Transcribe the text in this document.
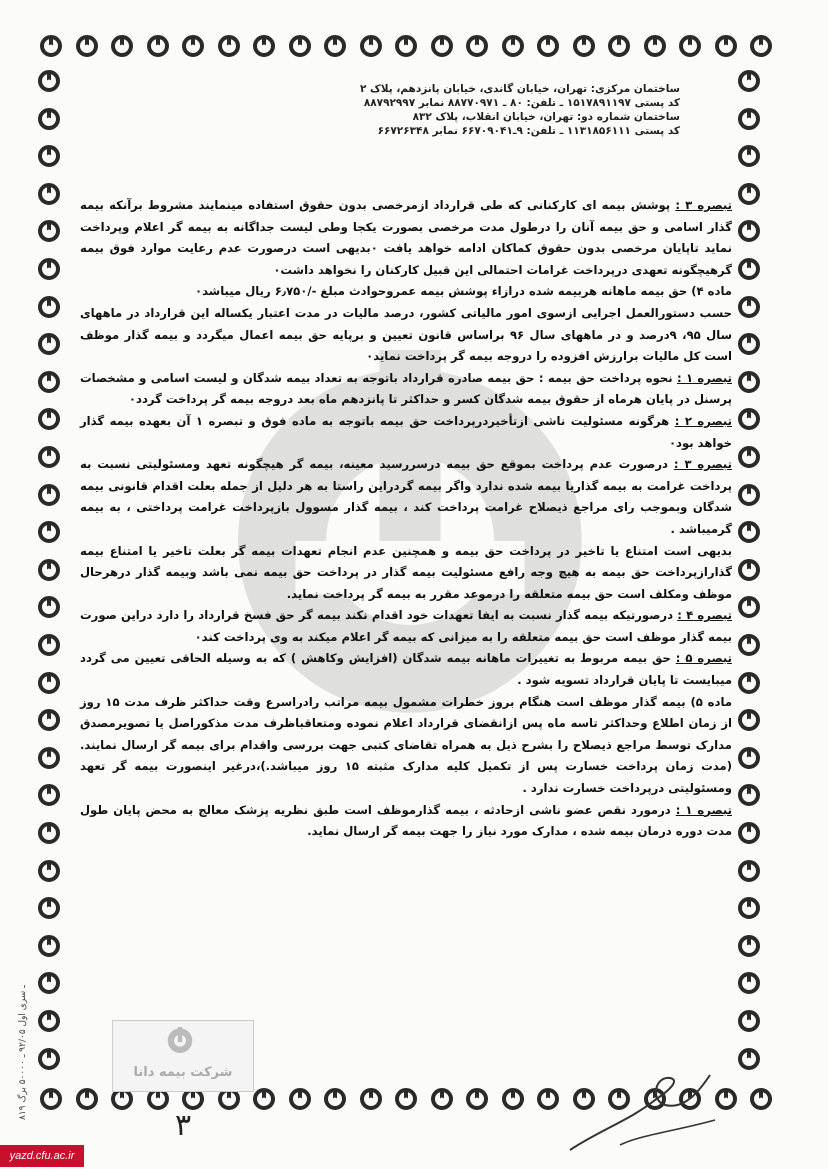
ساختمان مرکزی: تهران، خیابان گاندی، خیابان پانزدهم، پلاک ۲
کد پستی ۱۵۱۷۸۹۱۱۹۷ ـ تلفن: ۸۰ ـ ۸۸۷۷۰۹۷۱ نمابر ۸۸۷۹۲۹۹۷
ساختمان شماره دو: تهران، خیابان انقلاب، پلاک ۸۳۲
کد پستی ۱۱۳۱۸۵۶۱۱۱ ـ تلفن: ۹ـ۶۶۷۰۹۰۴۱ نمابر ۶۶۷۲۶۳۴۸

تبصره ۳ : پوشش بیمه ای کارکنانی که طی قرارداد ازمرخصی بدون حقوق استفاده مینمایند مشروط برآنکه بیمه گذار اسامی و حق بیمه آنان را درطول مدت مرخصی بصورت یکجا وطی لیست جداگانه به بیمه گر اعلام وپرداخت نماید تاپایان مرخصی بدون حقوق کماکان ادامه خواهد یافت ٠بدیهی است درصورت عدم رعایت موارد فوق بیمه گرهیچگونه تعهدی درپرداخت غرامات احتمالی این قبیل کارکنان را نخواهد داشت٠

ماده ۴) حق بیمه ماهانه هربیمه شده درازاء پوشش بیمه عمروحوادث مبلغ -/۶٫۷۵۰ ریال میباشد٠

حسب دستورالعمل اجرایی ازسوی امور مالیاتی کشور، درصد مالیات در مدت اعتبار یکساله این قرارداد در ماههای سال ۹۵، ۹درصد و در ماههای سال ۹۶ براساس قانون تعیین و برپایه حق بیمه اعمال میگردد و بیمه گذار موظف است کل مالیات برارزش افزوده را دروجه بیمه گر پرداخت نماید٠

تبصره ۱ : نحوه پرداخت حق بیمه : حق بیمه صادره قرارداد باتوجه به تعداد بیمه شدگان و لیست اسامی و مشخصات پرسنل در پایان هرماه از حقوق بیمه شدگان کسر و حداکثر تا پانزدهم ماه بعد دروجه بیمه گر پرداخت گردد٠

تبصره ۲ : هرگونه مسئولیت ناشی ازتأخیردرپرداخت حق بیمه باتوجه به ماده فوق و تبصره ۱ آن بعهده بیمه گذار خواهد بود٠

تبصره ۳ : درصورت عدم پرداخت بموقع حق بیمه درسررسید معینه، بیمه گر هیچگونه تعهد ومسئولیتی نسبت به پرداخت غرامت به بیمه گذاریا بیمه شده ندارد واگر بیمه گردراین راستا به هر دلیل از جمله بعلت اقدام قانونی بیمه شدگان وبموجب رای مراجع ذیصلاح غرامت پرداخت کند ، بیمه گذار مسوول بازپرداخت غرامت پرداختی ، به بیمه گرمیباشد .

بدیهی است امتناع یا تاخیر در پرداخت حق بیمه و همچنین عدم انجام تعهدات بیمه گر بعلت تاخیر یا امتناع بیمه گذارازپرداخت حق بیمه به هیچ وجه رافع مسئولیت بیمه گذار در پرداخت حق بیمه نمی باشد وبیمه گذار درهرحال موظف ومکلف است حق بیمه متعلقه را درموعد مقرر به بیمه گر پرداخت نماید.

تبصره ۴ : درصورتیکه بیمه گذار نسبت به ایفا تعهدات خود اقدام نکند بیمه گر حق فسخ قرارداد را دارد دراین صورت بیمه گذار موظف است حق بیمه متعلقه را به میزانی که بیمه گر اعلام میکند به وی پرداخت کند٠

تبصره ۵ : حق بیمه مربوط به تغییرات ماهانه بیمه شدگان (افزایش وکاهش ) که به وسیله الحاقی تعیین می گردد میبایست تا پایان قرارداد تسویه شود .

ماده ۵) بیمه گذار موظف است هنگام بروز خطرات مشمول بیمه مراتب رادراسرع وقت حداکثر ظرف مدت ۱۵ روز از زمان اطلاع وحداکثر تاسه ماه پس ازانقضای قرارداد اعلام نموده ومتعاقباظرف مدت مذکوراصل یا تصویرمصدق مدارک توسط مراجع ذیصلاح را بشرح ذیل به همراه تقاضای کتبی جهت بررسی واقدام برای بیمه گر ارسال نمایند. (مدت زمان پرداخت خسارت پس از تکمیل کلیه مدارک مثبته ۱۵ روز میباشد.)،درغیر اینصورت بیمه گر تعهد ومسئولیتی درپرداخت خسارت ندارد .

تبصره ۱ : درمورد نقص عضو ناشی ازحادثه ، بیمه گذارموظف است طبق نظریه پزشک معالج به محض پایان طول مدت دوره درمان بیمه شده ، مدارک مورد نیاز را جهت بیمه گر ارسال نماید.

۸۱۹ ـ سری اول ۹۲/۰۵ ـ ۵۰۰۰۰ برگ
شرکت بیمه دانا
۳
yazd.cfu.ac.ir
